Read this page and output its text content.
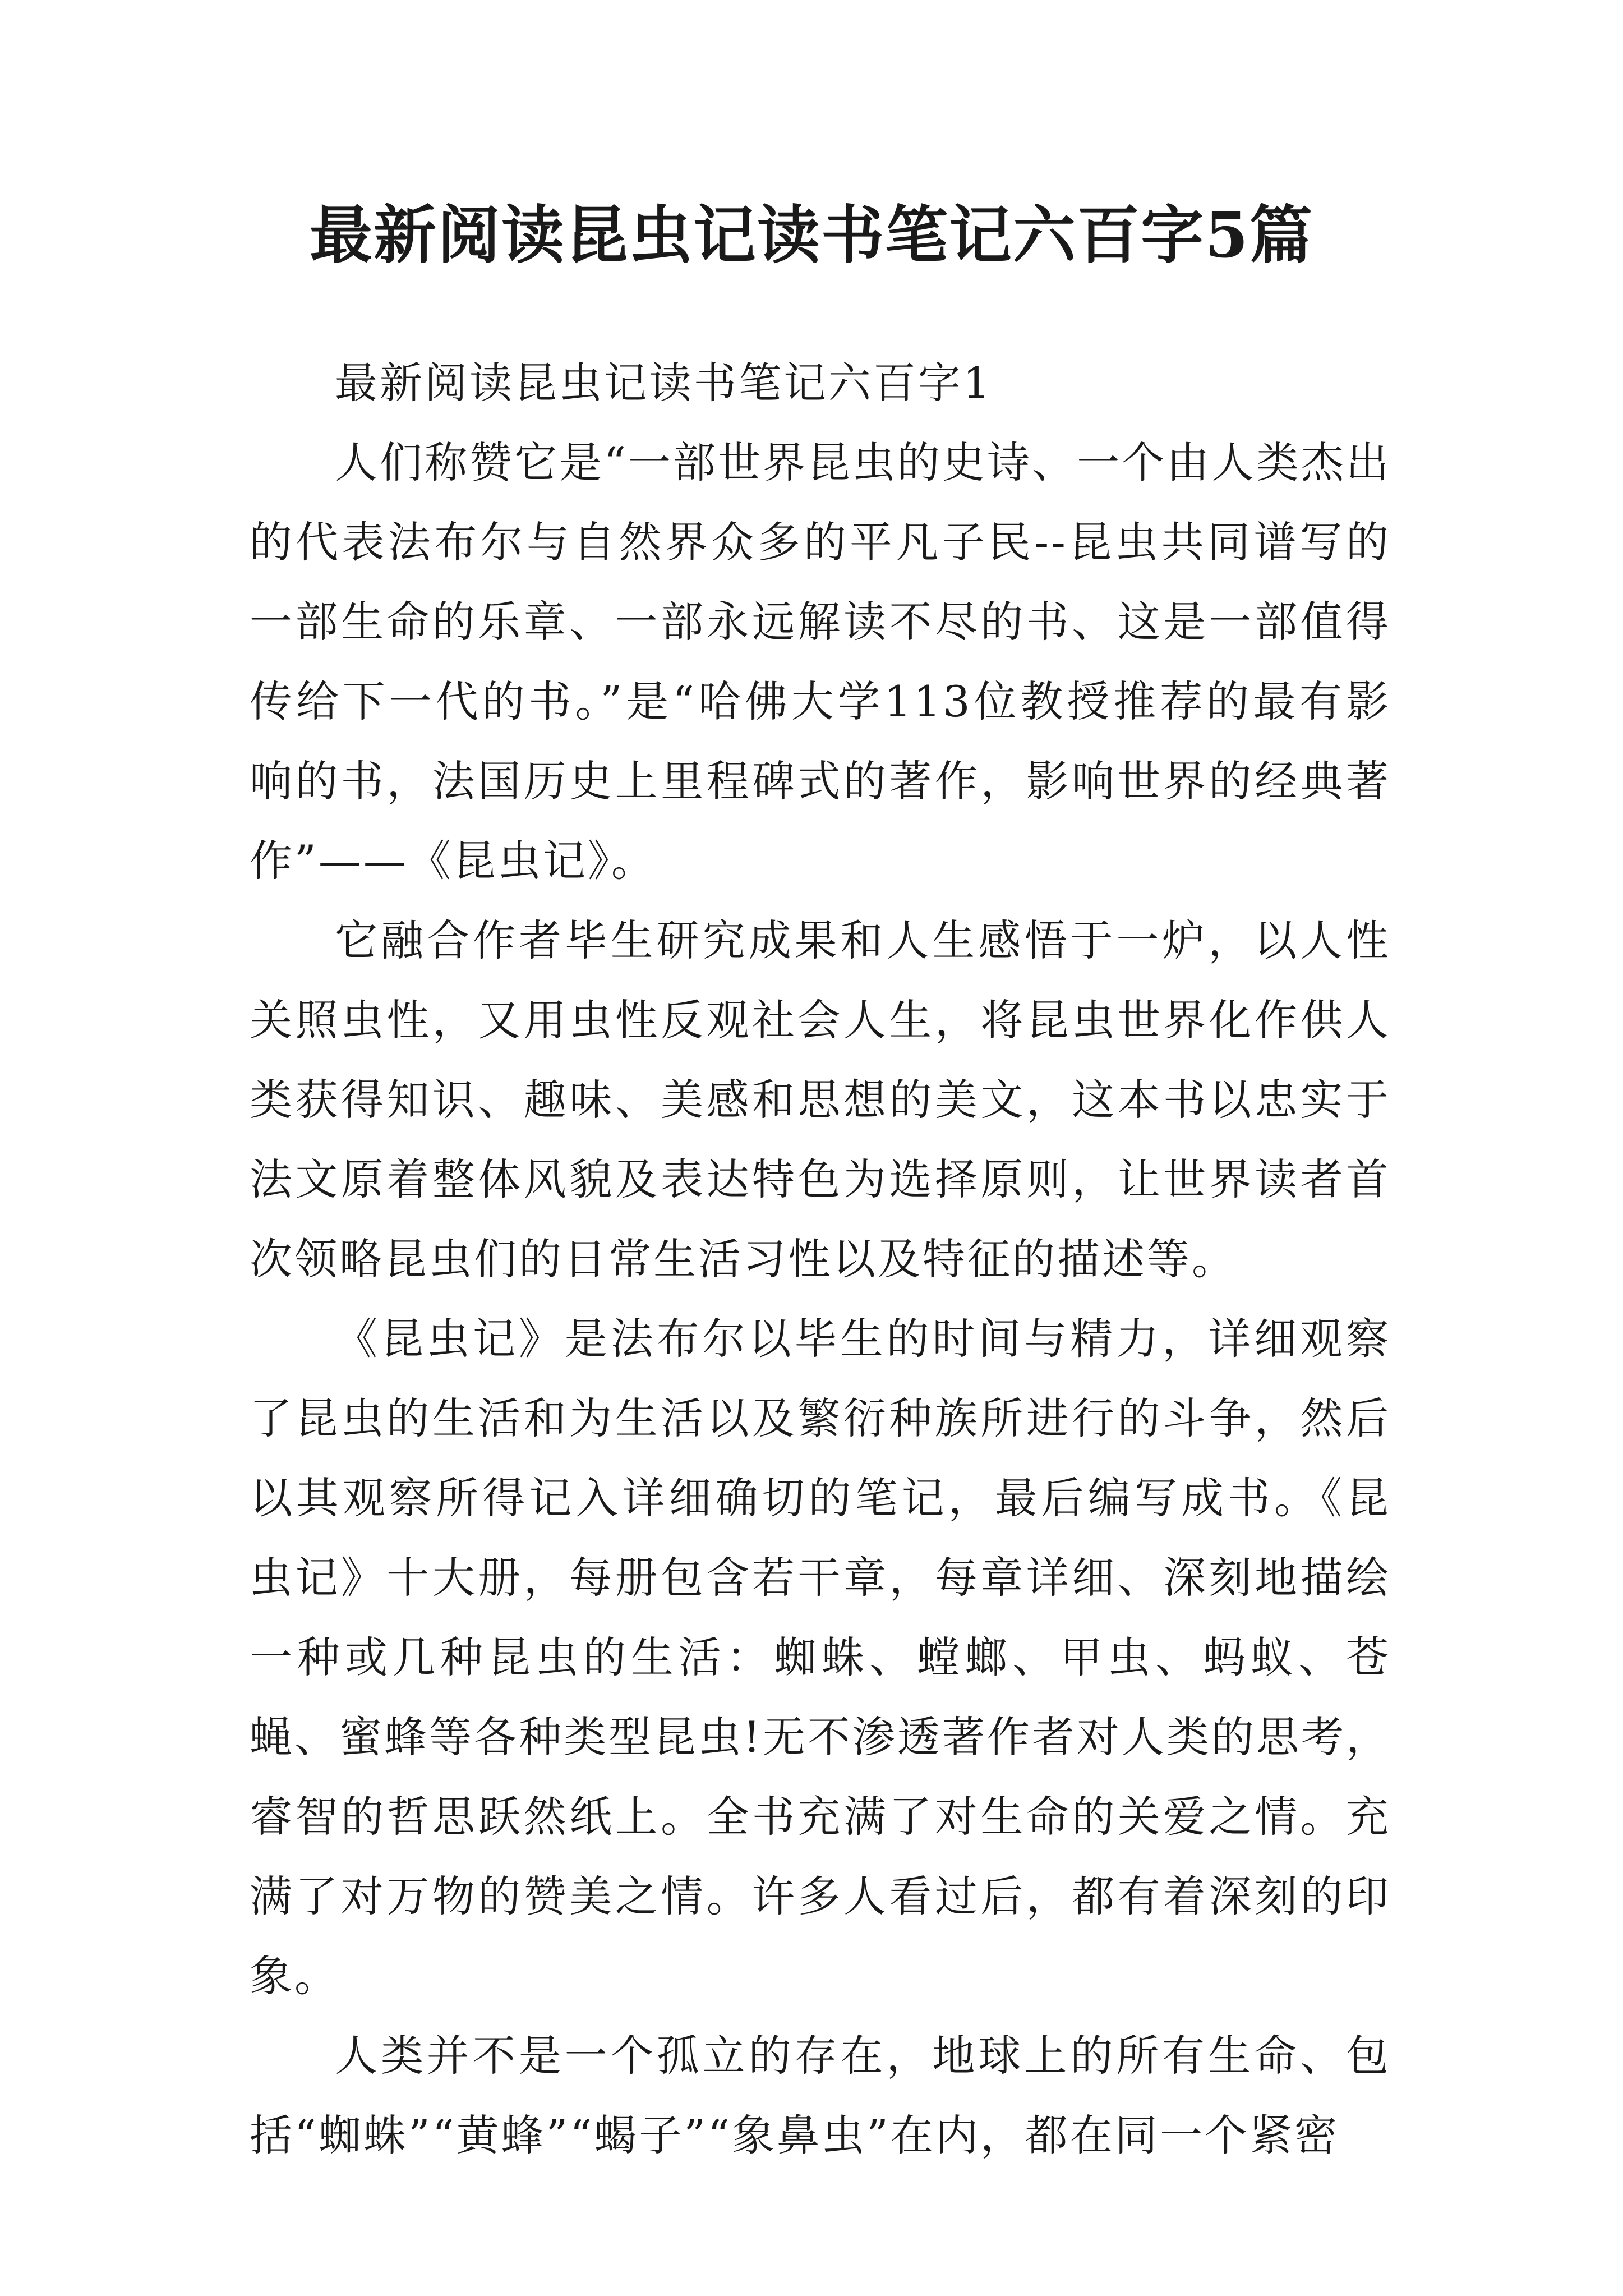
最新阅读昆虫记读书笔记六百字5篇

最新阅读昆虫记读书笔记六百字1

人们称赞它是“一部世界昆虫的史诗、一个由人类杰出的代表法布尔与自然界众多的平凡子民--昆虫共同谱写的一部生命的乐章、一部永远解读不尽的书、这是一部值得传给下一代的书。”是“哈佛大学113位教授推荐的最有影响的书，法国历史上里程碑式的著作，影响世界的经典著作”——《昆虫记》。

它融合作者毕生研究成果和人生感悟于一炉，以人性关照虫性，又用虫性反观社会人生，将昆虫世界化作供人类获得知识、趣味、美感和思想的美文，这本书以忠实于法文原着整体风貌及表达特色为选择原则，让世界读者首次领略昆虫们的日常生活习性以及特征的描述等。

《昆虫记》是法布尔以毕生的时间与精力，详细观察了昆虫的生活和为生活以及繁衍种族所进行的斗争，然后以其观察所得记入详细确切的笔记，最后编写成书。《昆虫记》十大册，每册包含若干章，每章详细、深刻地描绘一种或几种昆虫的生活：蜘蛛、螳螂、甲虫、蚂蚁、苍蝇、蜜蜂等各种类型昆虫!无不渗透著作者对人类的思考，睿智的哲思跃然纸上。全书充满了对生命的关爱之情。充满了对万物的赞美之情。许多人看过后，都有着深刻的印象。

人类并不是一个孤立的存在，地球上的所有生命、包括“蜘蛛”“黄蜂”“蝎子”“象鼻虫”在内，都在同一个紧密
